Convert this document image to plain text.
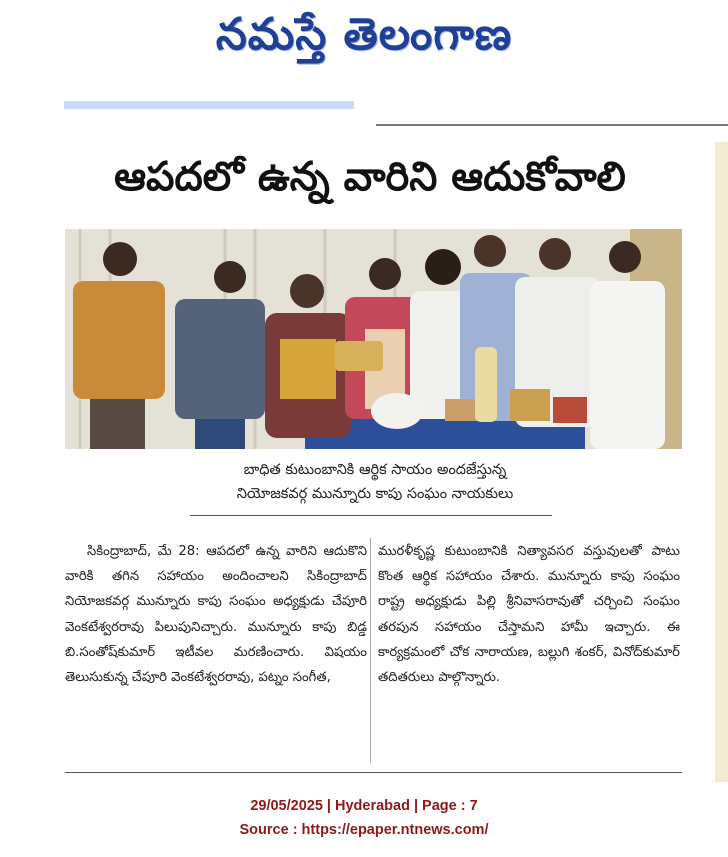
నమస్తే తెలంగాణ
ఆపదలో ఉన్న వారిని ఆదుకోవాలి
బాధిత కుటుంబానికి ఆర్థిక సాయం అందజేస్తున్న
నియోజకవర్గ మున్నూరు కాపు సంఘం నాయకులు

సికింద్రాబాద్, మే 28: ఆపదలో ఉన్న వారిని ఆదుకొని వారికి తగిన సహాయం అందించాలని సికింద్రాబాద్ నియోజకవర్గ మున్నూరు కాపు సంఘం అధ్యక్షుడు చేపూరి వెంకటేశ్వరరావు పిలుపునిచ్చారు. మున్నూరు కాపు బిడ్డ బి.సంతోష్‌కుమార్ ఇటీవల మరణించారు. విషయం తెలుసుకున్న చేపూరి వెంకటేశ్వరరావు, పట్నం సంగీత,

మురళీకృష్ణ కుటుంబానికి నిత్యావసర వస్తువులతో పాటు కొంత ఆర్థిక సహాయం చేశారు. మున్నూరు కాపు సంఘం రాష్ట్ర అధ్యక్షుడు పిల్లి శ్రీనివాసరావుతో చర్చించి సంఘం తరపున సహాయం చేస్తామని హామీ ఇచ్చారు. ఈ కార్యక్రమంలో చోక నారాయణ, బల్లుగి శంకర్, వినోద్‌కుమార్ తదితరులు పాల్గొన్నారు.

29/05/2025 | Hyderabad | Page : 7
Source : https://epaper.ntnews.com/
